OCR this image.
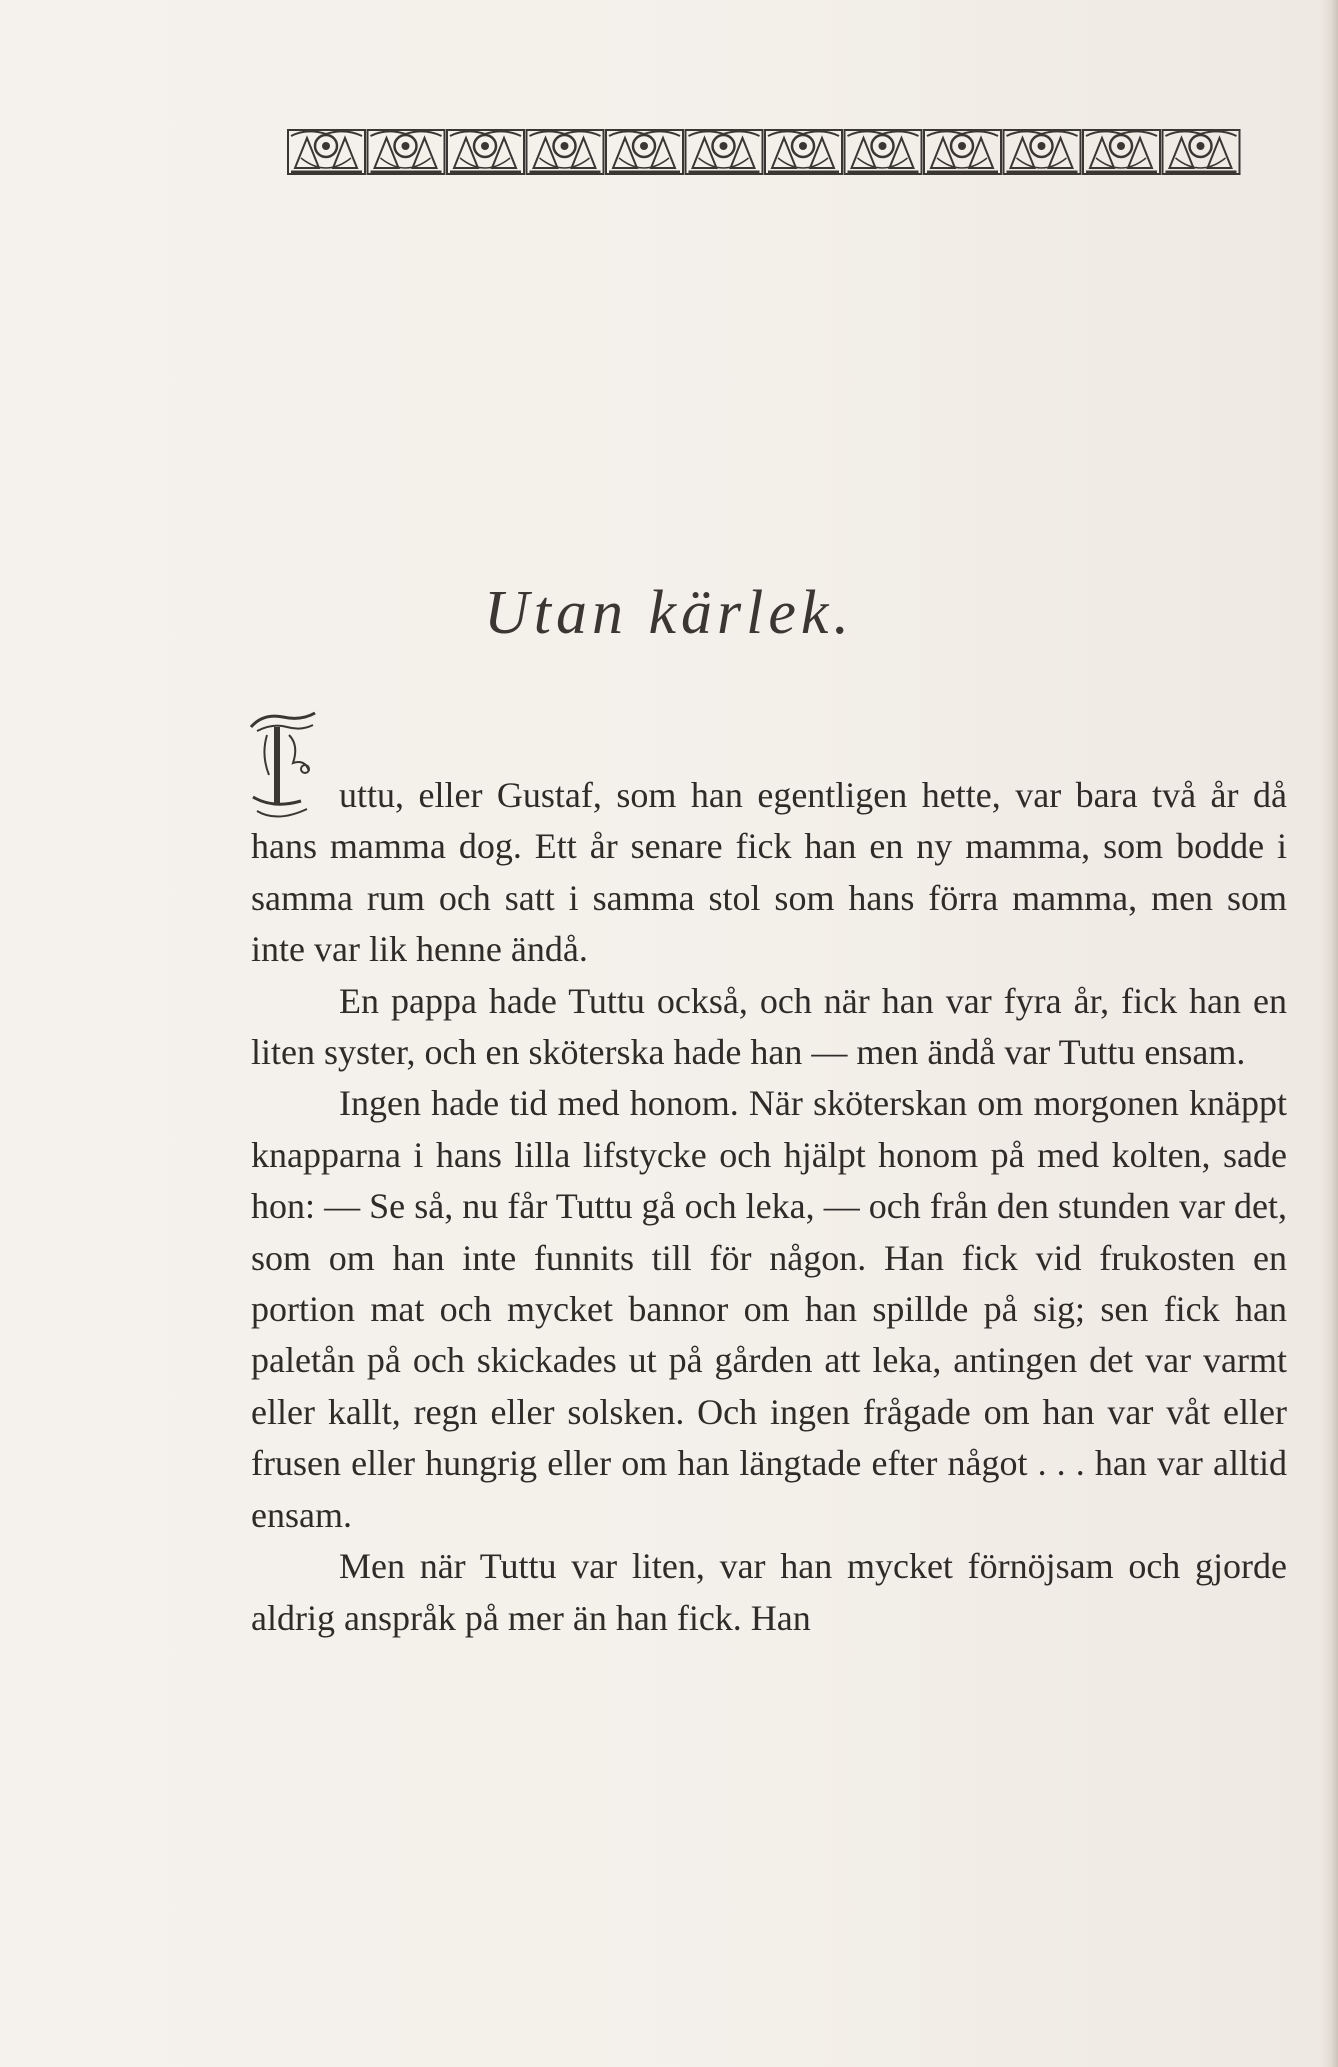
Utan kärlek.

uttu, eller Gustaf, som han egentligen hette, var bara två år då hans mamma dog. Ett år senare fick han en ny mamma, som bodde i samma rum och satt i samma stol som hans förra mamma, men som inte var lik henne ändå.

En pappa hade Tuttu också, och när han var fyra år, fick han en liten syster, och en sköterska hade han — men ändå var Tuttu ensam.

Ingen hade tid med honom. När sköterskan om morgonen knäppt knapparna i hans lilla lifstycke och hjälpt honom på med kolten, sade hon: — Se så, nu får Tuttu gå och leka, — och från den stunden var det, som om han inte funnits till för någon. Han fick vid frukosten en portion mat och mycket bannor om han spillde på sig; sen fick han paletån på och skickades ut på gården att leka, antingen det var varmt eller kallt, regn eller solsken. Och ingen frågade om han var våt eller frusen eller hungrig eller om han längtade efter något . . . han var alltid ensam.

Men när Tuttu var liten, var han mycket förnöjsam och gjorde aldrig anspråk på mer än han fick. Han
